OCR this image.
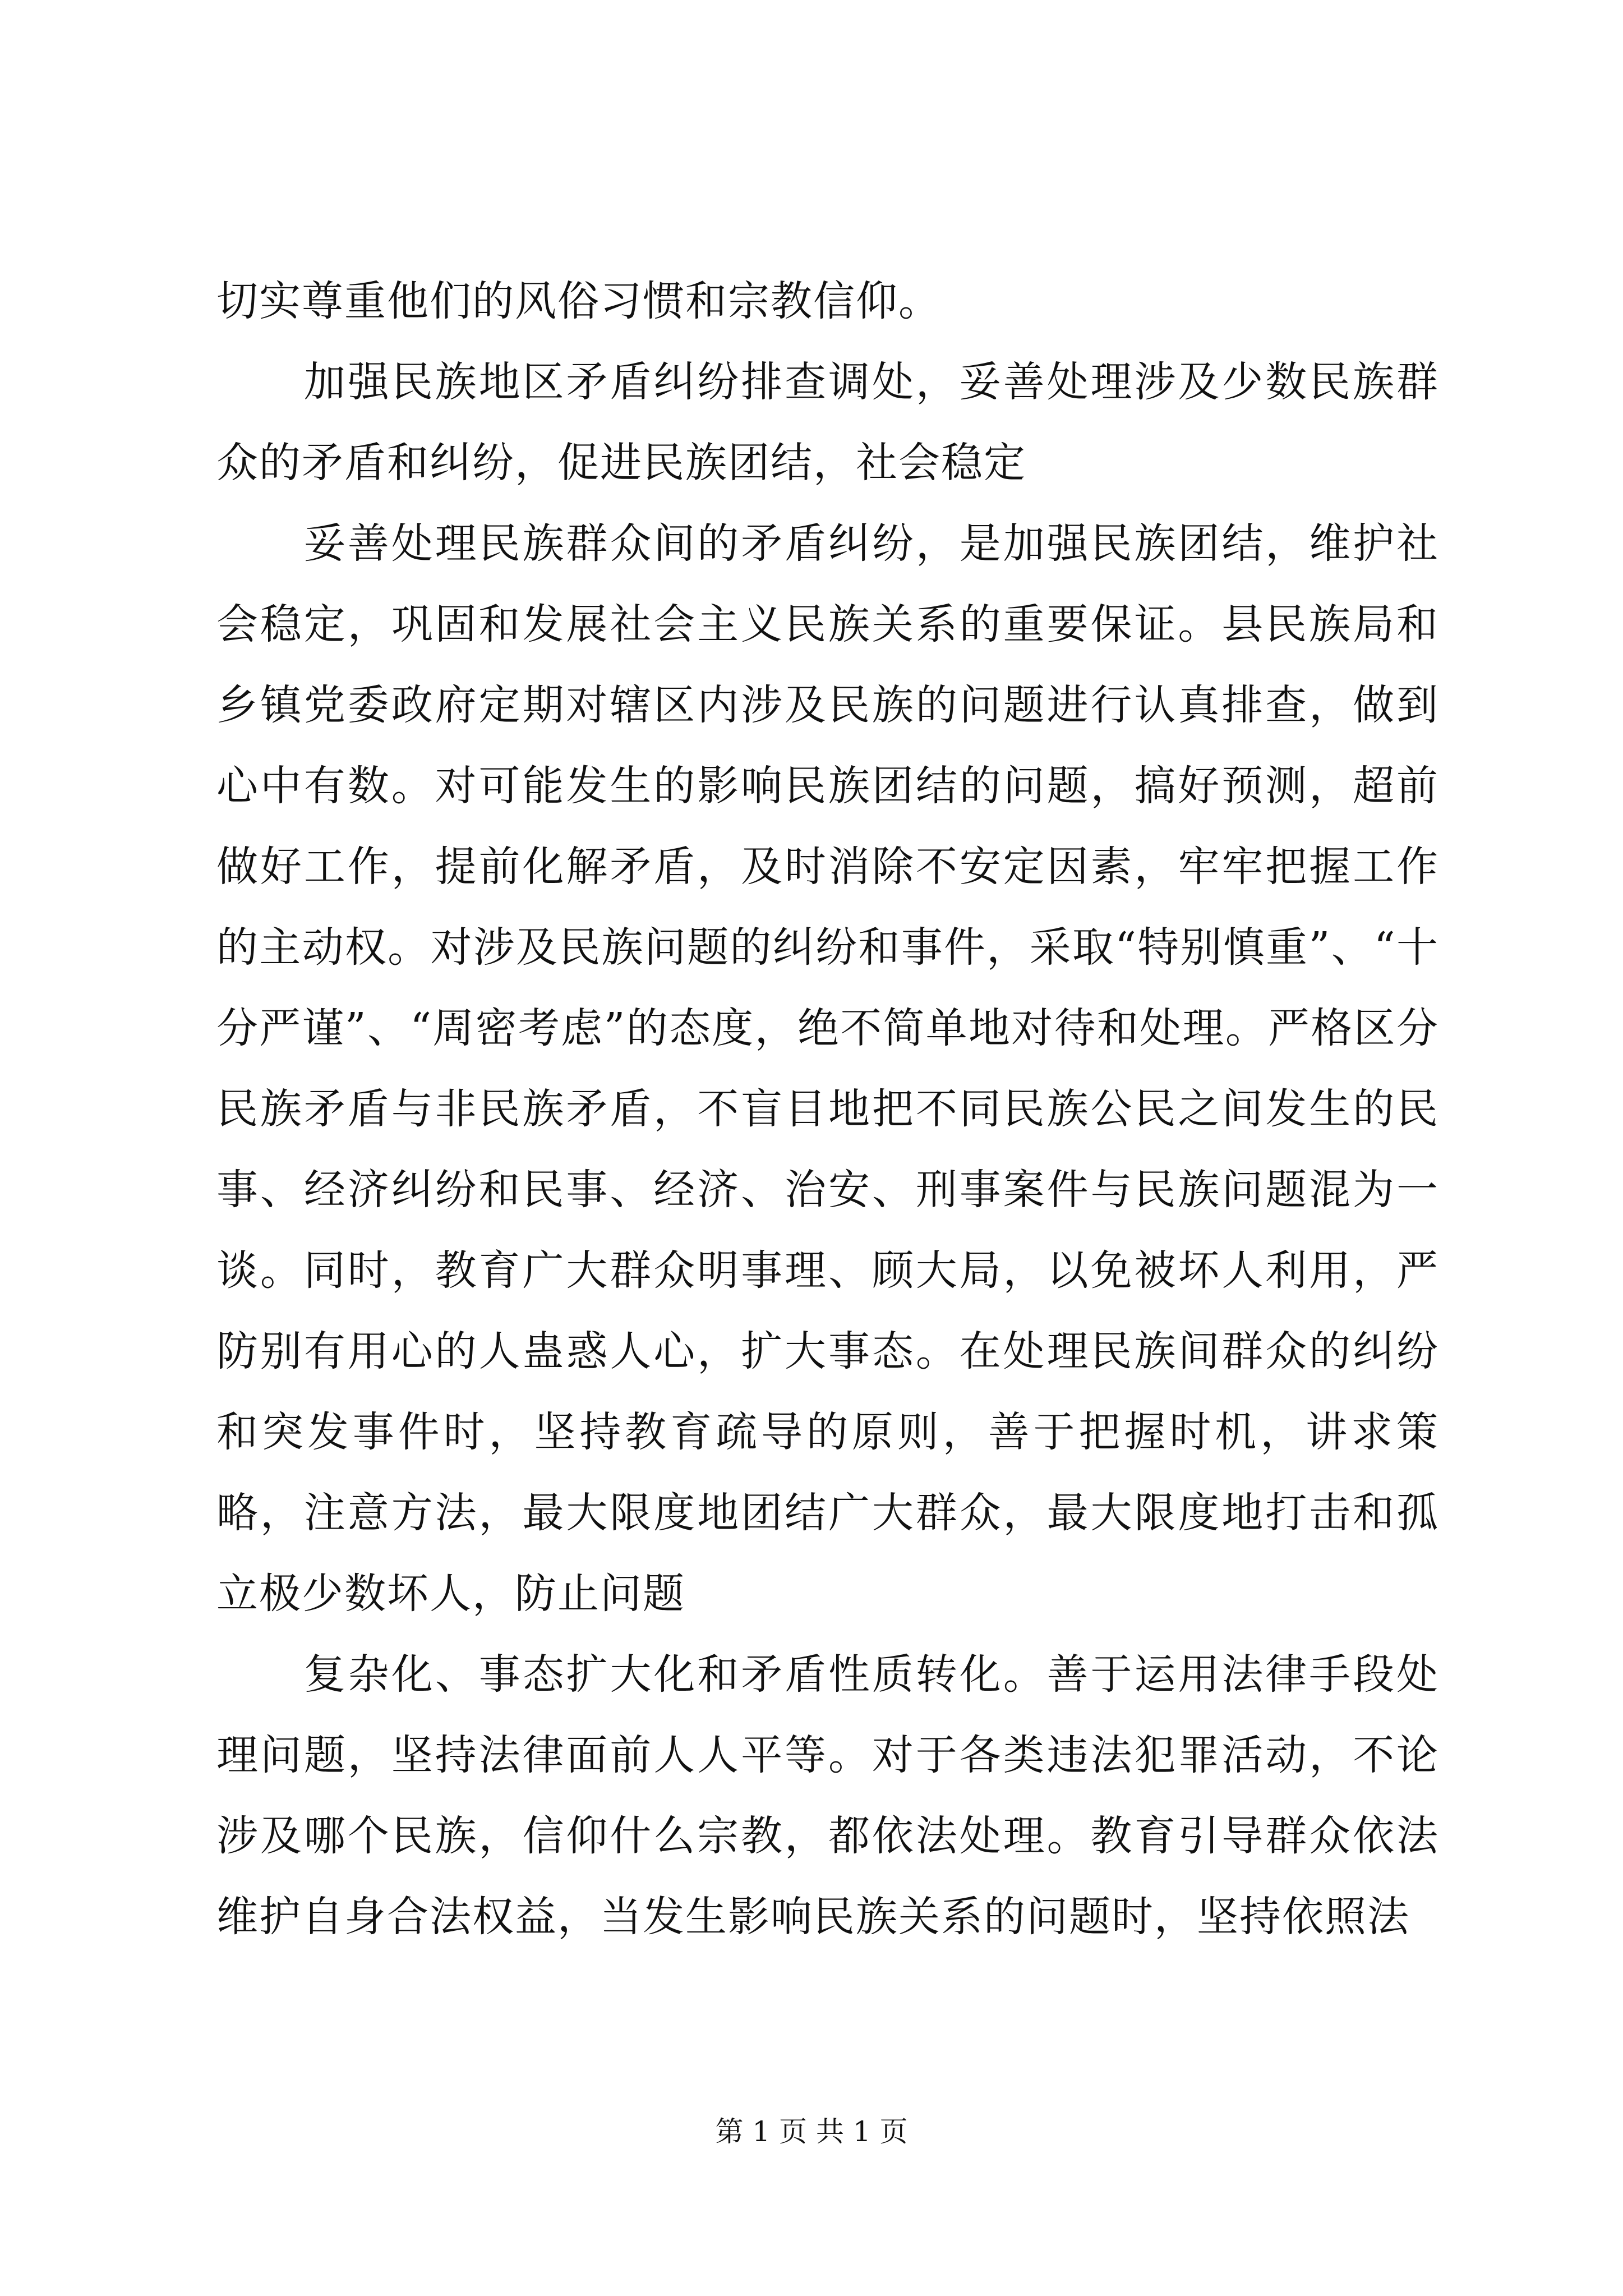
切实尊重他们的风俗习惯和宗教信仰。

加强民族地区矛盾纠纷排查调处，妥善处理涉及少数民族群众的矛盾和纠纷，促进民族团结，社会稳定

妥善处理民族群众间的矛盾纠纷，是加强民族团结，维护社会稳定，巩固和发展社会主义民族关系的重要保证。县民族局和乡镇党委政府定期对辖区内涉及民族的问题进行认真排查，做到心中有数。对可能发生的影响民族团结的问题，搞好预测，超前做好工作，提前化解矛盾，及时消除不安定因素，牢牢把握工作的主动权。对涉及民族问题的纠纷和事件，采取“特别慎重”、“十分严谨”、“周密考虑”的态度，绝不简单地对待和处理。严格区分民族矛盾与非民族矛盾，不盲目地把不同民族公民之间发生的民事、经济纠纷和民事、经济、治安、刑事案件与民族问题混为一谈。同时，教育广大群众明事理、顾大局，以免被坏人利用，严防别有用心的人蛊惑人心，扩大事态。在处理民族间群众的纠纷和突发事件时，坚持教育疏导的原则，善于把握时机，讲求策略，注意方法，最大限度地团结广大群众，最大限度地打击和孤立极少数坏人，防止问题

复杂化、事态扩大化和矛盾性质转化。善于运用法律手段处理问题，坚持法律面前人人平等。对于各类违法犯罪活动，不论涉及哪个民族，信仰什么宗教，都依法处理。教育引导群众依法维护自身合法权益，当发生影响民族关系的问题时，坚持依照法

第 1 页 共 1 页
